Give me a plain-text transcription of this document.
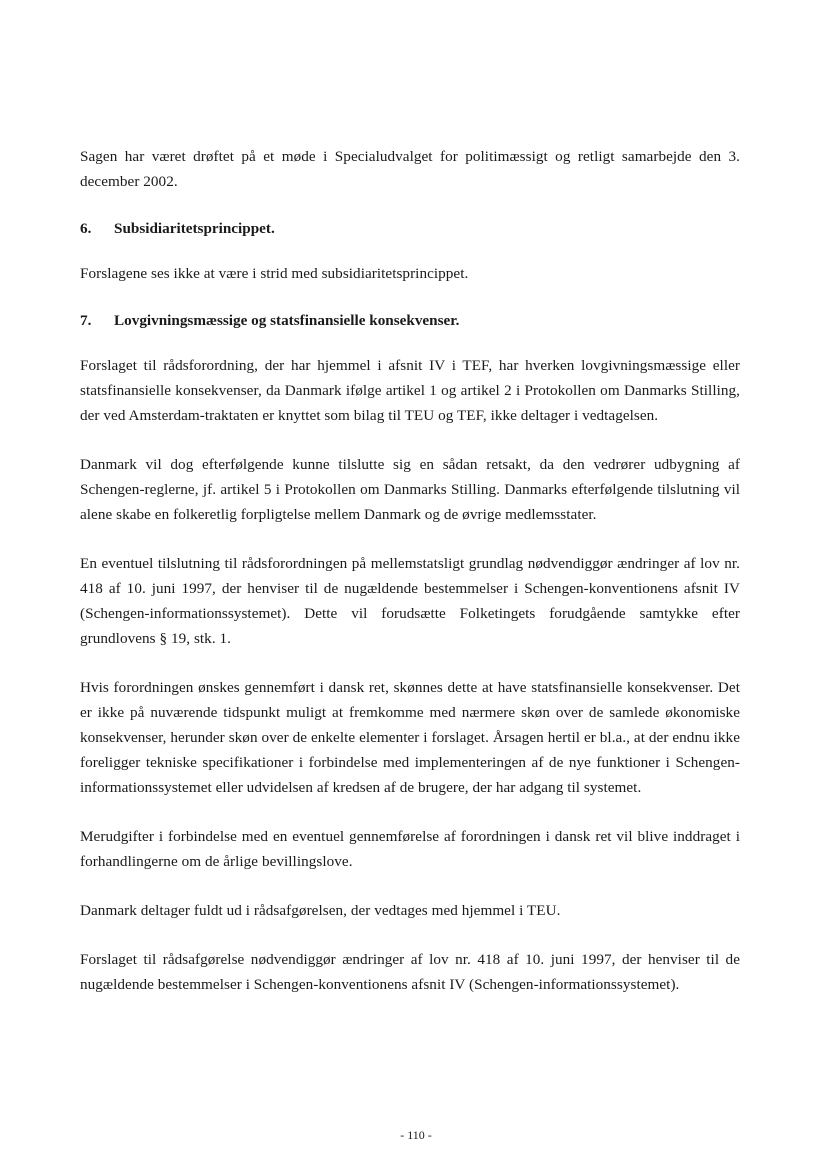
Sagen har været drøftet på et møde i Specialudvalget for politimæssigt og retligt samarbejde den 3. december 2002.

6. Subsidiaritetsprincippet.

Forslagene ses ikke at være i strid med subsidiaritetsprincippet.

7. Lovgivningsmæssige og statsfinansielle konsekvenser.

Forslaget til rådsforordning, der har hjemmel i afsnit IV i TEF, har hverken lovgivningsmæssige eller statsfinansielle konsekvenser, da Danmark ifølge artikel 1 og artikel 2 i Protokollen om Danmarks Stilling, der ved Amsterdam-traktaten er knyttet som bilag til TEU og TEF, ikke deltager i vedtagelsen.

Danmark vil dog efterfølgende kunne tilslutte sig en sådan retsakt, da den vedrører udbygning af Schengen-reglerne, jf. artikel 5 i Protokollen om Danmarks Stilling. Danmarks efterfølgende tilslutning vil alene skabe en folkeretlig forpligtelse mellem Danmark og de øvrige medlemsstater.

En eventuel tilslutning til rådsforordningen på mellemstatsligt grundlag nødvendiggør ændringer af lov nr. 418 af 10. juni 1997, der henviser til de nugældende bestemmelser i Schengen-konventionens afsnit IV (Schengen-informationssystemet). Dette vil forudsætte Folketingets forudgående samtykke efter grundlovens § 19, stk. 1.

Hvis forordningen ønskes gennemført i dansk ret, skønnes dette at have statsfinansielle konsekvenser. Det er ikke på nuværende tidspunkt muligt at fremkomme med nærmere skøn over de samlede økonomiske konsekvenser, herunder skøn over de enkelte elementer i forslaget. Årsagen hertil er bl.a., at der endnu ikke foreligger tekniske specifikationer i forbindelse med implementeringen af de nye funktioner i Schengen-informationssystemet eller udvidelsen af kredsen af de brugere, der har adgang til systemet.

Merudgifter i forbindelse med en eventuel gennemførelse af forordningen i dansk ret vil blive inddraget i forhandlingerne om de årlige bevillingslove.

Danmark deltager fuldt ud i rådsafgørelsen, der vedtages med hjemmel i TEU.

Forslaget til rådsafgørelse nødvendiggør ændringer af lov nr. 418 af 10. juni 1997, der henviser til de nugældende bestemmelser i Schengen-konventionens afsnit IV (Schengen-informationssystemet).

- 110 -
